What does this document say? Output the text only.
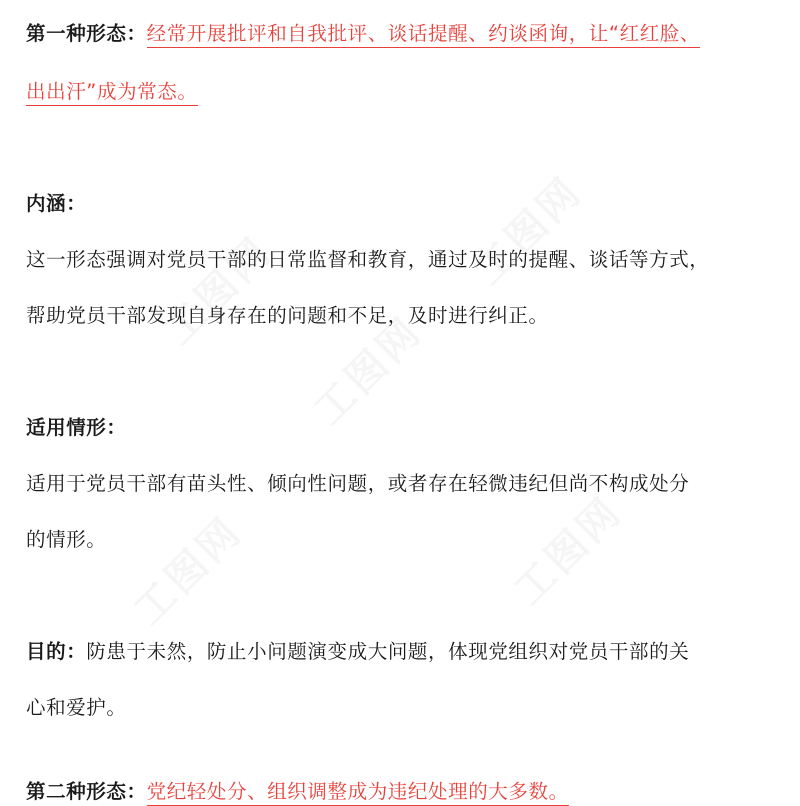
工图网	工图网
工图网
工图网	工图网
第一种形态：经常开展批评和自我批评、谈话提醒、约谈函询，让“红红脸、
出出汗”成为常态。
内涵：
这一形态强调对党员干部的日常监督和教育，通过及时的提醒、谈话等方式，
帮助党员干部发现自身存在的问题和不足，及时进行纠正。
适用情形：
适用于党员干部有苗头性、倾向性问题，或者存在轻微违纪但尚不构成处分
的情形。
目的：防患于未然，防止小问题演变成大问题，体现党组织对党员干部的关
心和爱护。
第二种形态：党纪轻处分、组织调整成为违纪处理的大多数。
